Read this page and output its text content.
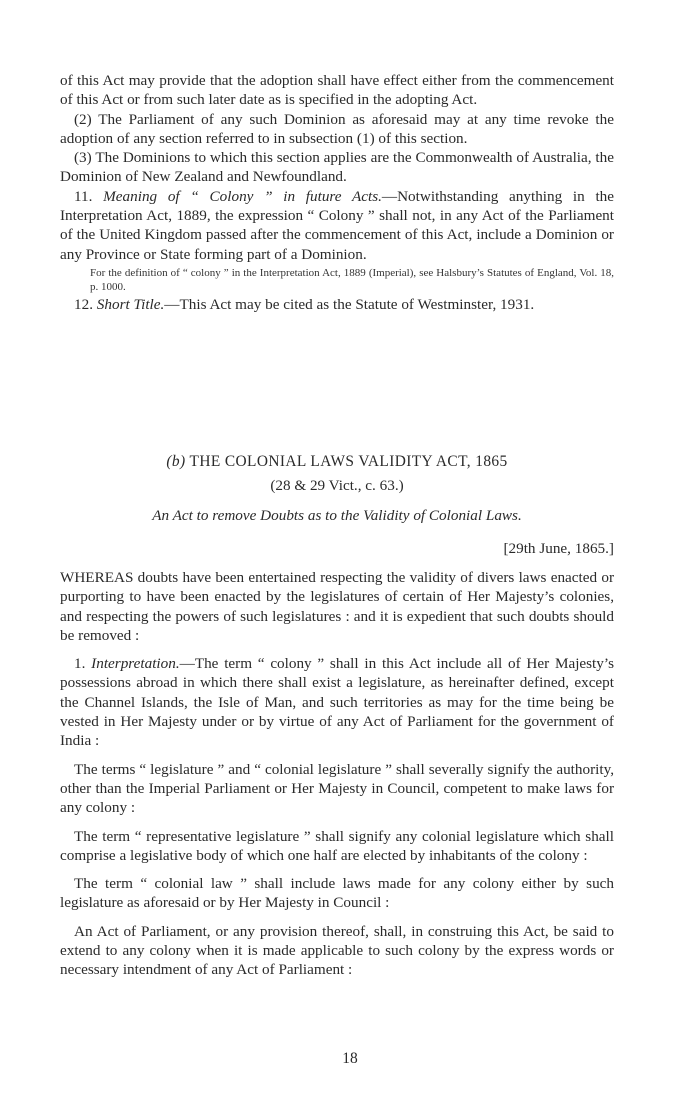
of this Act may provide that the adoption shall have effect either from the commencement of this Act or from such later date as is specified in the adopting Act.

(2) The Parliament of any such Dominion as aforesaid may at any time revoke the adoption of any section referred to in subsection (1) of this section.

(3) The Dominions to which this section applies are the Commonwealth of Australia, the Dominion of New Zealand and Newfoundland.

11. Meaning of “ Colony ” in future Acts.—Notwithstanding anything in the Interpretation Act, 1889, the expression “ Colony ” shall not, in any Act of the Parliament of the United Kingdom passed after the commencement of this Act, include a Dominion or any Province or State forming part of a Dominion.

For the definition of “ colony ” in the Interpretation Act, 1889 (Imperial), see Halsbury’s Statutes of England, Vol. 18, p. 1000.

12. Short Title.—This Act may be cited as the Statute of Westminster, 1931.

(b) THE COLONIAL LAWS VALIDITY ACT, 1865
(28 & 29 Vict., c. 63.)
An Act to remove Doubts as to the Validity of Colonial Laws.
[29th June, 1865.]

WHEREAS doubts have been entertained respecting the validity of divers laws enacted or purporting to have been enacted by the legislatures of certain of Her Majesty’s colonies, and respecting the powers of such legislatures : and it is expedient that such doubts should be removed :

1. Interpretation.—The term “ colony ” shall in this Act include all of Her Majesty’s possessions abroad in which there shall exist a legislature, as hereinafter defined, except the Channel Islands, the Isle of Man, and such territories as may for the time being be vested in Her Majesty under or by virtue of any Act of Parliament for the government of India :

The terms “ legislature ” and “ colonial legislature ” shall severally signify the authority, other than the Imperial Parliament or Her Majesty in Council, competent to make laws for any colony :

The term “ representative legislature ” shall signify any colonial legislature which shall comprise a legislative body of which one half are elected by inhabitants of the colony :

The term “ colonial law ” shall include laws made for any colony either by such legislature as aforesaid or by Her Majesty in Council :

An Act of Parliament, or any provision thereof, shall, in construing this Act, be said to extend to any colony when it is made applicable to such colony by the express words or necessary intendment of any Act of Parliament :

18
